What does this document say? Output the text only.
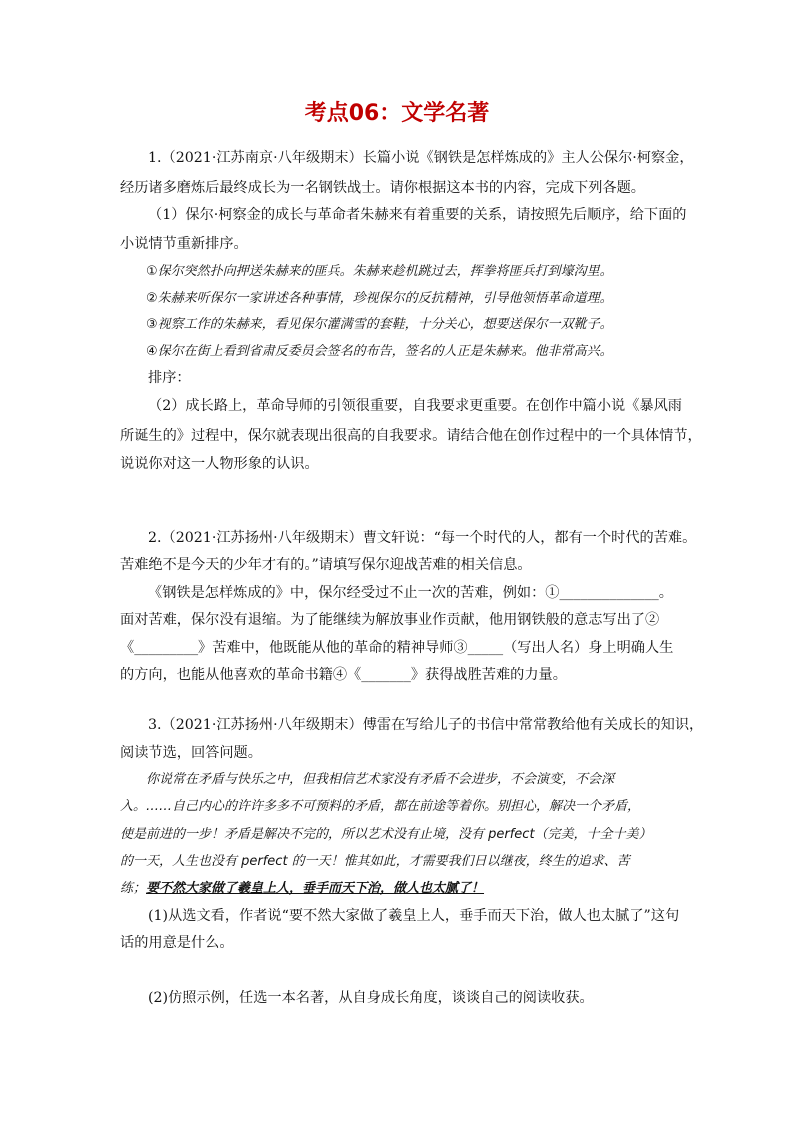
考点06：文学名著
1.（2021·江苏南京·八年级期末）长篇小说《钢铁是怎样炼成的》主人公保尔·柯察金，
经历诸多磨炼后最终成长为一名钢铁战士。请你根据这本书的内容，完成下列各题。
（1）保尔·柯察金的成长与革命者朱赫来有着重要的关系，请按照先后顺序，给下面的
小说情节重新排序。
①保尔突然扑向押送朱赫来的匪兵。朱赫来趁机跳过去，挥拳将匪兵打到壕沟里。
②朱赫来听保尔一家讲述各种事情，珍视保尔的反抗精神，引导他领悟革命道理。
③视察工作的朱赫来，看见保尔灌满雪的套鞋，十分关心，想要送保尔一双靴子。
④保尔在街上看到省肃反委员会签名的布告，签名的人正是朱赫来。他非常高兴。
排序：
（2）成长路上，革命导师的引领很重要，自我要求更重要。在创作中篇小说《暴风雨
所诞生的》过程中，保尔就表现出很高的自我要求。请结合他在创作过程中的一个具体情节，
说说你对这一人物形象的认识。
2.（2021·江苏扬州·八年级期末）曹文轩说：“每一个时代的人，都有一个时代的苦难。
苦难绝不是今天的少年才有的。”请填写保尔迎战苦难的相关信息。
《钢铁是怎样炼成的》中，保尔经受过不止一次的苦难，例如：①______________。
面对苦难，保尔没有退缩。为了能继续为解放事业作贡献，他用钢铁般的意志写出了②
《_________》苦难中，他既能从他的革命的精神导师③_____（写出人名）身上明确人生
的方向，也能从他喜欢的革命书籍④《_______》获得战胜苦难的力量。
3.（2021·江苏扬州·八年级期末）傅雷在写给儿子的书信中常常教给他有关成长的知识，
阅读节选，回答问题。
你说常在矛盾与快乐之中，但我相信艺术家没有矛盾不会进步，不会演变，不会深
入。……自己内心的许许多多不可预料的矛盾，都在前途等着你。别担心，解决一个矛盾，
使是前进的一步！矛盾是解决不完的，所以艺术没有止境，没有 perfect（完美，十全十美）
的一天，人生也没有 perfect 的一天！惟其如此，才需要我们日以继夜，终生的追求、苦
练；要不然大家做了羲皇上人，垂手而天下治，做人也太腻了！
(1)从选文看，作者说“要不然大家做了羲皇上人，垂手而天下治，做人也太腻了”这句
话的用意是什么。
(2)仿照示例，任选一本名著，从自身成长角度，谈谈自己的阅读收获。
